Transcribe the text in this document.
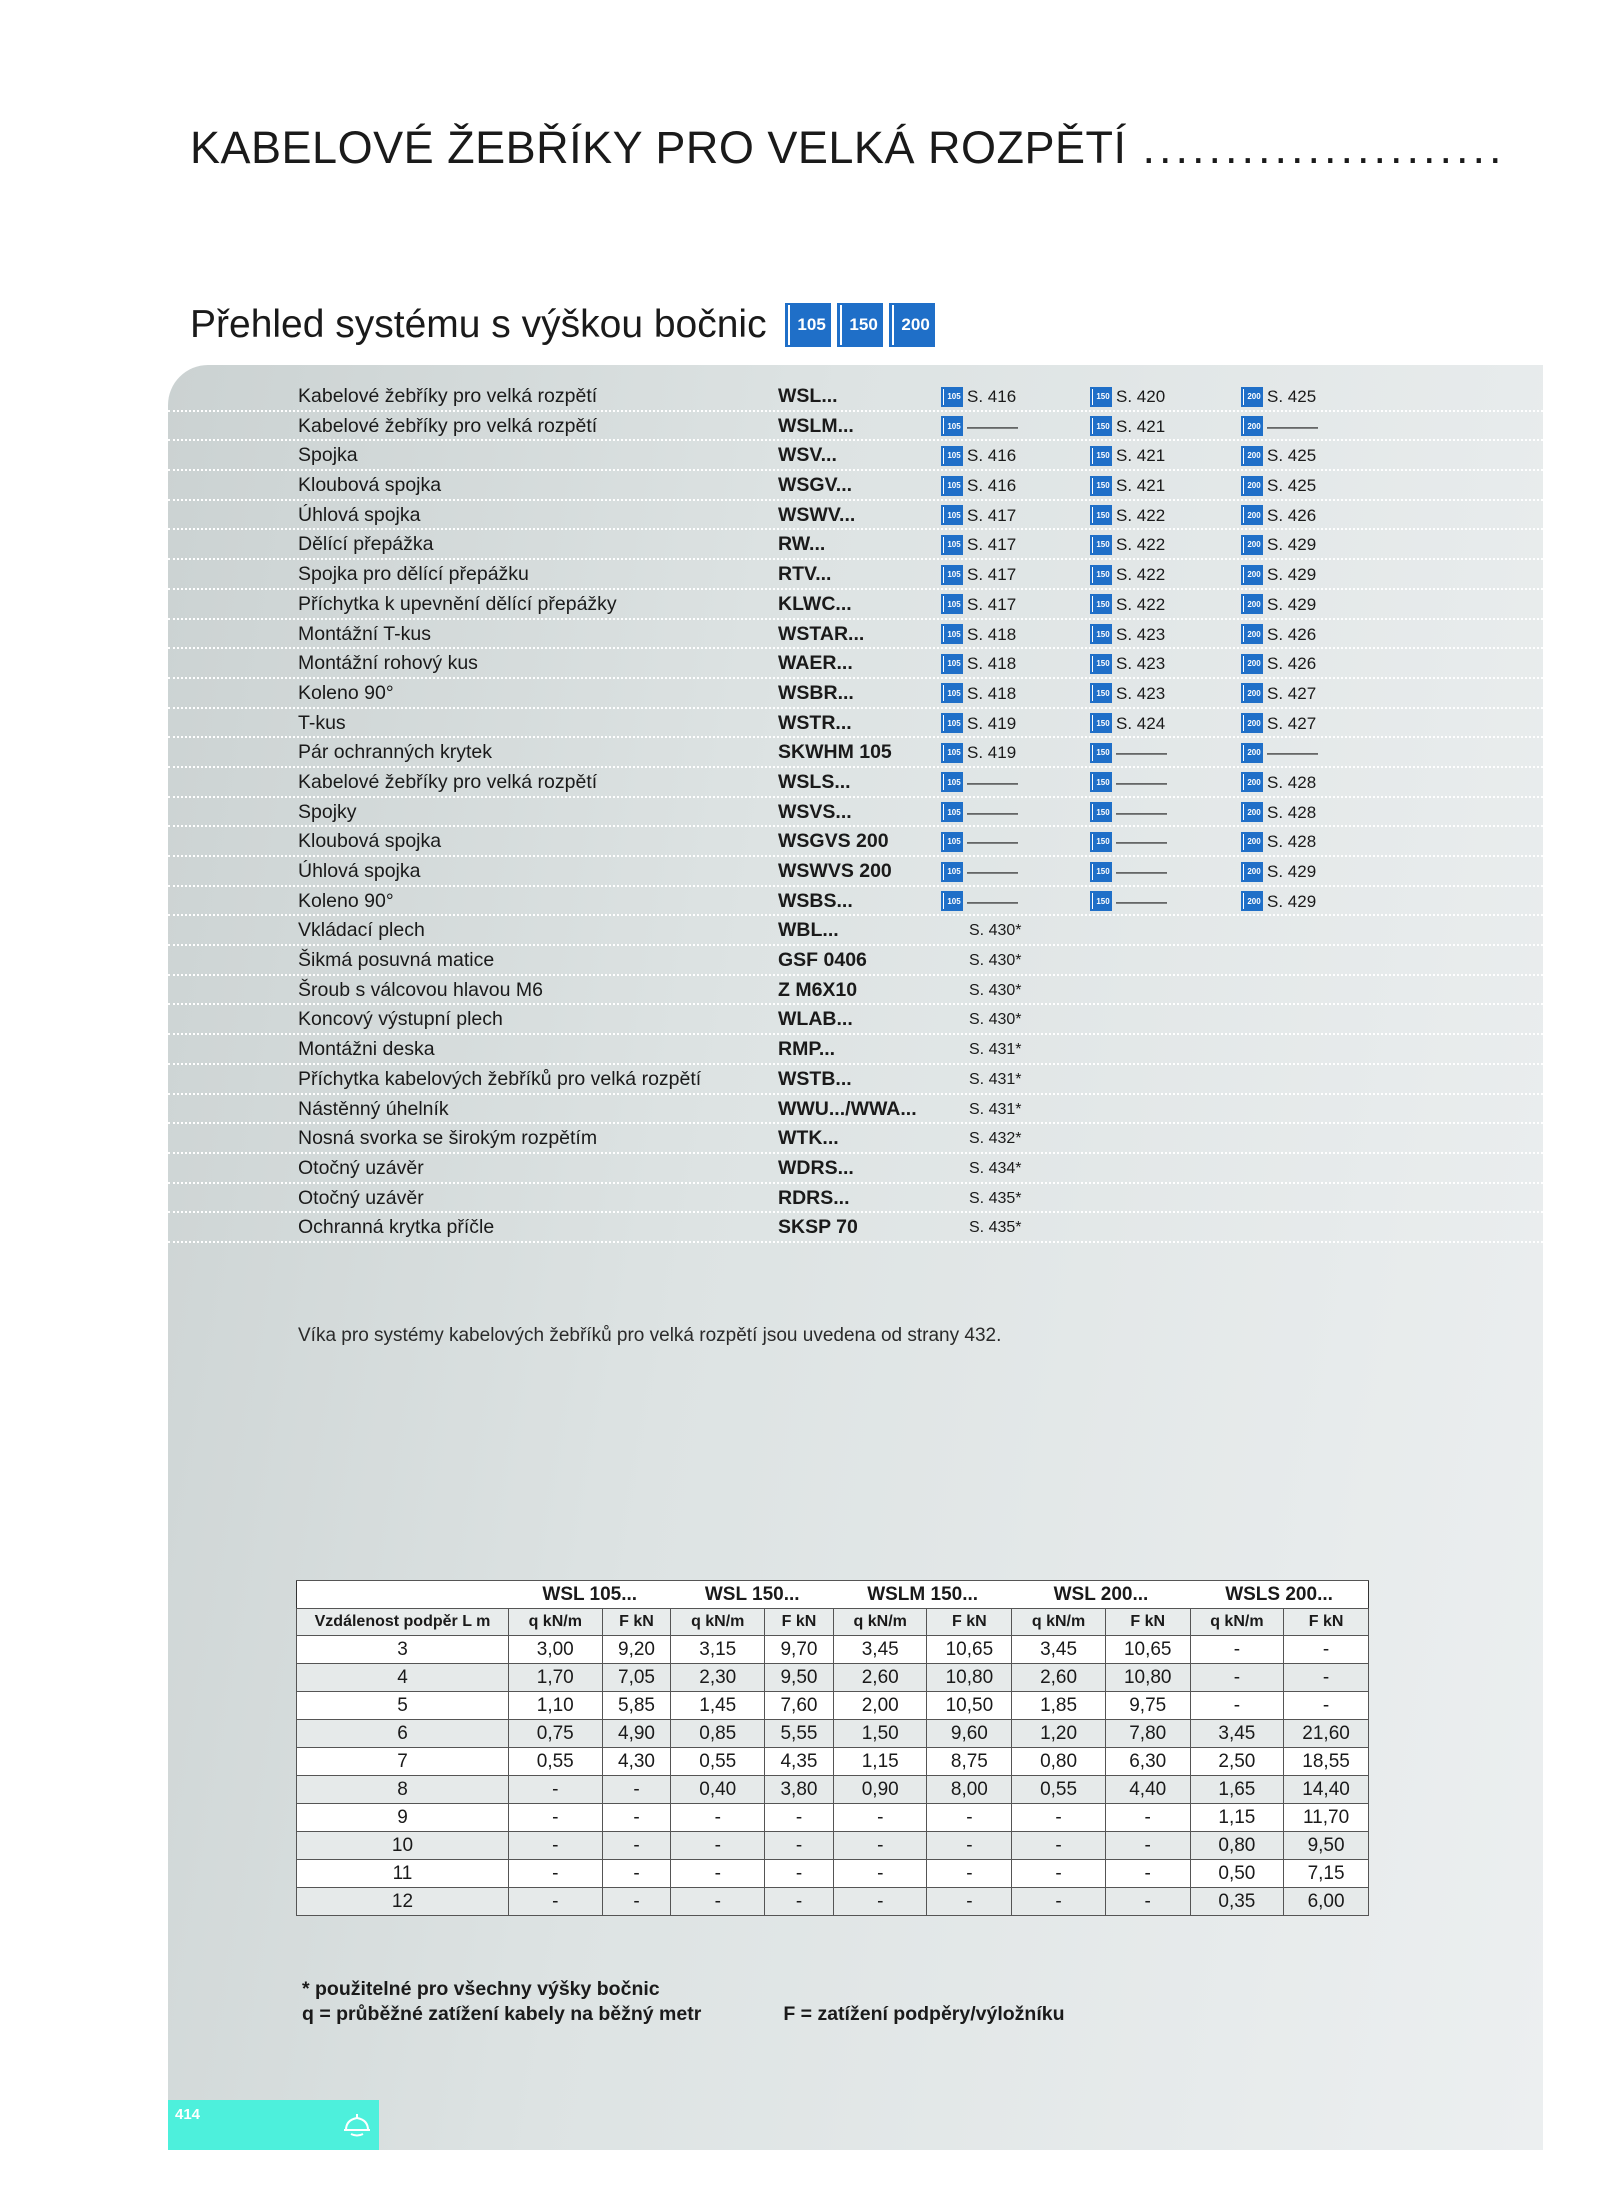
KABELOVÉ ŽEBŘÍKY PRO VELKÁ ROZPĚTÍ ......................
Přehled systému s výškou bočnic 105 150 200
Kabelové žebříky pro velká rozpětí	WSL...	105 S. 416	150 S. 420	200 S. 425
Kabelové žebříky pro velká rozpětí	WSLM...	105 ———	150 S. 421	200 ———
Spojka	WSV...	105 S. 416	150 S. 421	200 S. 425
Kloubová spojka	WSGV...	105 S. 416	150 S. 421	200 S. 425
Úhlová spojka	WSWV...	105 S. 417	150 S. 422	200 S. 426
Dělící přepážka	RW...	105 S. 417	150 S. 422	200 S. 429
Spojka pro dělící přepážku	RTV...	105 S. 417	150 S. 422	200 S. 429
Příchytka k upevnění dělící přepážky	KLWC...	105 S. 417	150 S. 422	200 S. 429
Montážní T-kus	WSTAR...	105 S. 418	150 S. 423	200 S. 426
Montážní rohový kus	WAER...	105 S. 418	150 S. 423	200 S. 426
Koleno 90°	WSBR...	105 S. 418	150 S. 423	200 S. 427
T-kus	WSTR...	105 S. 419	150 S. 424	200 S. 427
Pár ochranných krytek	SKWHM 105	105 S. 419	150 ———	200 ———
Kabelové žebříky pro velká rozpětí	WSLS...	105 ———	150 ———	200 S. 428
Spojky	WSVS...	105 ———	150 ———	200 S. 428
Kloubová spojka	WSGVS 200	105 ———	150 ———	200 S. 428
Úhlová spojka	WSWVS 200	105 ———	150 ———	200 S. 429
Koleno 90°	WSBS...	105 ———	150 ———	200 S. 429
Vkládací plech	WBL...	S. 430*
Šikmá posuvná matice	GSF 0406	S. 430*
Šroub s válcovou hlavou M6	Z M6X10	S. 430*
Koncový výstupní plech	WLAB...	S. 430*
Montážni deska	RMP...	S. 431*
Příchytka kabelových žebříků pro velká rozpětí	WSTB...	S. 431*
Nástěnný úhelník	WWU.../WWA...	S. 431*
Nosná svorka se širokým rozpětím	WTK...	S. 432*
Otočný uzávěr	WDRS...	S. 434*
Otočný uzávěr	RDRS...	S. 435*
Ochranná krytka příčle	SKSP 70	S. 435*
Víka pro systémy kabelových žebříků pro velká rozpětí jsou uvedena od strany 432.
	WSL 105...		WSL 150...		WSLM 150...		WSL 200...		WSLS 200...	
Vzdálenost podpěr L m	q kN/m	F kN	q kN/m	F kN	q kN/m	F kN	q kN/m	F kN	q kN/m	F kN
3	3,00	9,20	3,15	9,70	3,45	10,65	3,45	10,65	-	-
4	1,70	7,05	2,30	9,50	2,60	10,80	2,60	10,80	-	-
5	1,10	5,85	1,45	7,60	2,00	10,50	1,85	9,75	-	-
6	0,75	4,90	0,85	5,55	1,50	9,60	1,20	7,80	3,45	21,60
7	0,55	4,30	0,55	4,35	1,15	8,75	0,80	6,30	2,50	18,55
8	-	-	0,40	3,80	0,90	8,00	0,55	4,40	1,65	14,40
9	-	-	-	-	-	-	-	-	1,15	11,70
10	-	-	-	-	-	-	-	-	0,80	9,50
11	-	-	-	-	-	-	-	-	0,50	7,15
12	-	-	-	-	-	-	-	-	0,35	6,00
* použitelné pro všechny výšky bočnic
q = průběžné zatížení kabely na běžný metr	F = zatížení podpěry/výložníku
414
